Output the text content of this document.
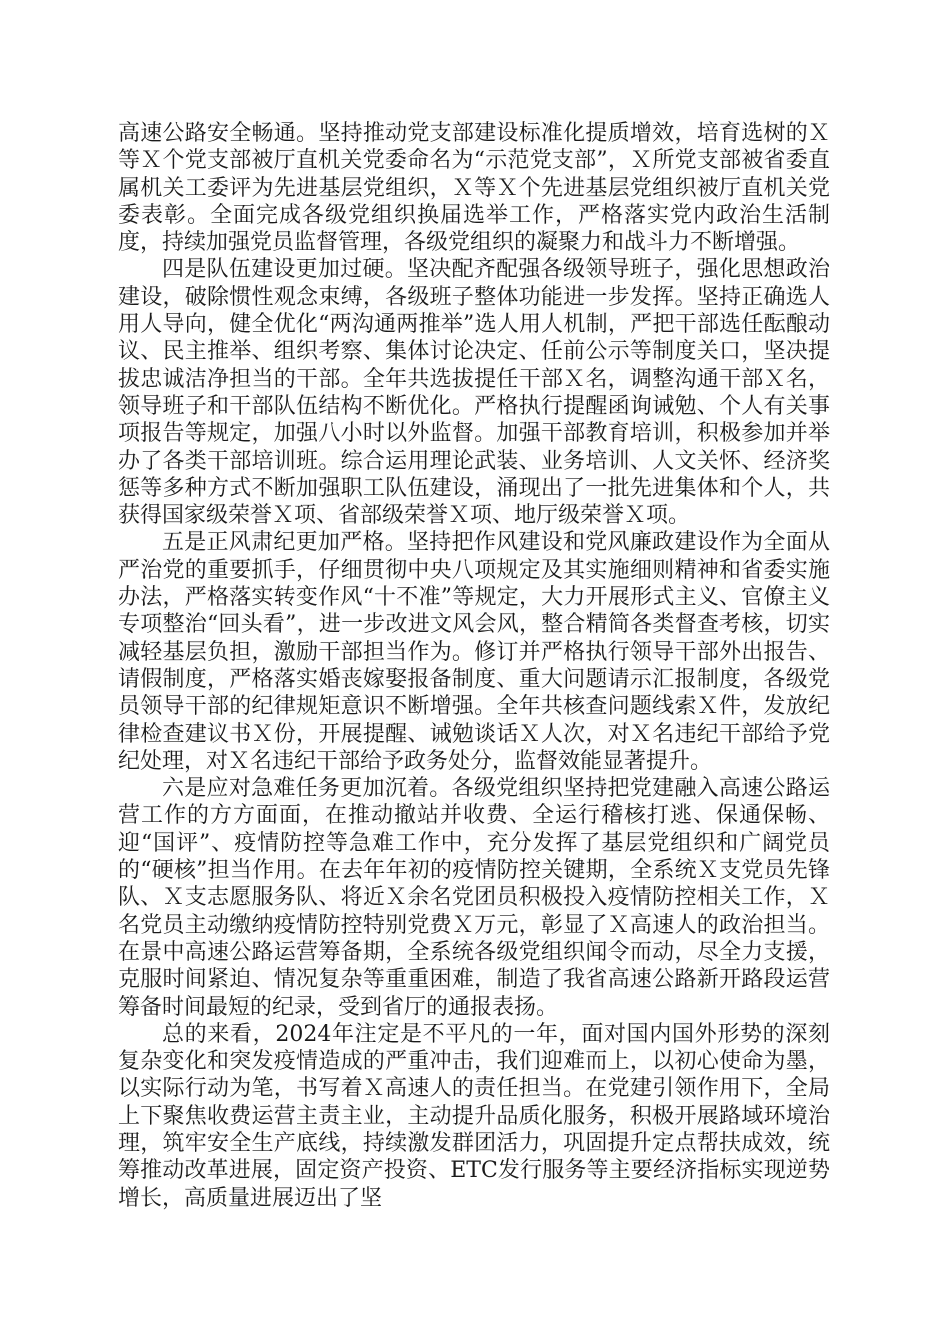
高速公路安全畅通。坚持推动党支部建设标准化提质增效，培育选树的Ｘ等Ｘ个党支部被厅直机关党委命名为“示范党支部”，Ｘ所党支部被省委直属机关工委评为先进基层党组织，Ｘ等Ｘ个先进基层党组织被厅直机关党委表彰。全面完成各级党组织换届选举工作，严格落实党内政治生活制度，持续加强党员监督管理，各级党组织的凝聚力和战斗力不断增强。

四是队伍建设更加过硬。坚决配齐配强各级领导班子，强化思想政治建设，破除惯性观念束缚，各级班子整体功能进一步发挥。坚持正确选人用人导向，健全优化“两沟通两推举”选人用人机制，严把干部选任酝酿动议、民主推举、组织考察、集体讨论决定、任前公示等制度关口，坚决提拔忠诚洁净担当的干部。全年共选拔提任干部Ｘ名，调整沟通干部Ｘ名，领导班子和干部队伍结构不断优化。严格执行提醒函询诫勉、个人有关事项报告等规定，加强八小时以外监督。加强干部教育培训，积极参加并举办了各类干部培训班。综合运用理论武装、业务培训、人文关怀、经济奖惩等多种方式不断加强职工队伍建设，涌现出了一批先进集体和个人，共获得国家级荣誉Ｘ项、省部级荣誉Ｘ项、地厅级荣誉Ｘ项。

五是正风肃纪更加严格。坚持把作风建设和党风廉政建设作为全面从严治党的重要抓手，仔细贯彻中央八项规定及其实施细则精神和省委实施办法，严格落实转变作风“十不准”等规定，大力开展形式主义、官僚主义专项整治“回头看”，进一步改进文风会风，整合精简各类督查考核，切实减轻基层负担，激励干部担当作为。修订并严格执行领导干部外出报告、请假制度，严格落实婚丧嫁娶报备制度、重大问题请示汇报制度，各级党员领导干部的纪律规矩意识不断增强。全年共核查问题线索Ｘ件，发放纪律检查建议书Ｘ份，开展提醒、诫勉谈话Ｘ人次，对Ｘ名违纪干部给予党纪处理，对Ｘ名违纪干部给予政务处分，监督效能显著提升。

六是应对急难任务更加沉着。各级党组织坚持把党建融入高速公路运营工作的方方面面，在推动撤站并收费、全运行稽核打逃、保通保畅、迎“国评”、疫情防控等急难工作中，充分发挥了基层党组织和广阔党员的“硬核”担当作用。在去年年初的疫情防控关键期，全系统Ｘ支党员先锋队、Ｘ支志愿服务队、将近Ｘ余名党团员积极投入疫情防控相关工作，Ｘ名党员主动缴纳疫情防控特别党费Ｘ万元，彰显了Ｘ高速人的政治担当。在景中高速公路运营筹备期，全系统各级党组织闻令而动，尽全力支援，克服时间紧迫、情况复杂等重重困难，制造了我省高速公路新开路段运营筹备时间最短的纪录，受到省厅的通报表扬。

总的来看，2024年注定是不平凡的一年，面对国内国外形势的深刻复杂变化和突发疫情造成的严重冲击，我们迎难而上，以初心使命为墨，以实际行动为笔，书写着Ｘ高速人的责任担当。在党建引领作用下，全局上下聚焦收费运营主责主业，主动提升品质化服务，积极开展路域环境治理，筑牢安全生产底线，持续激发群团活力，巩固提升定点帮扶成效，统筹推动改革进展，固定资产投资、ETC发行服务等主要经济指标实现逆势增长，高质量进展迈出了坚
